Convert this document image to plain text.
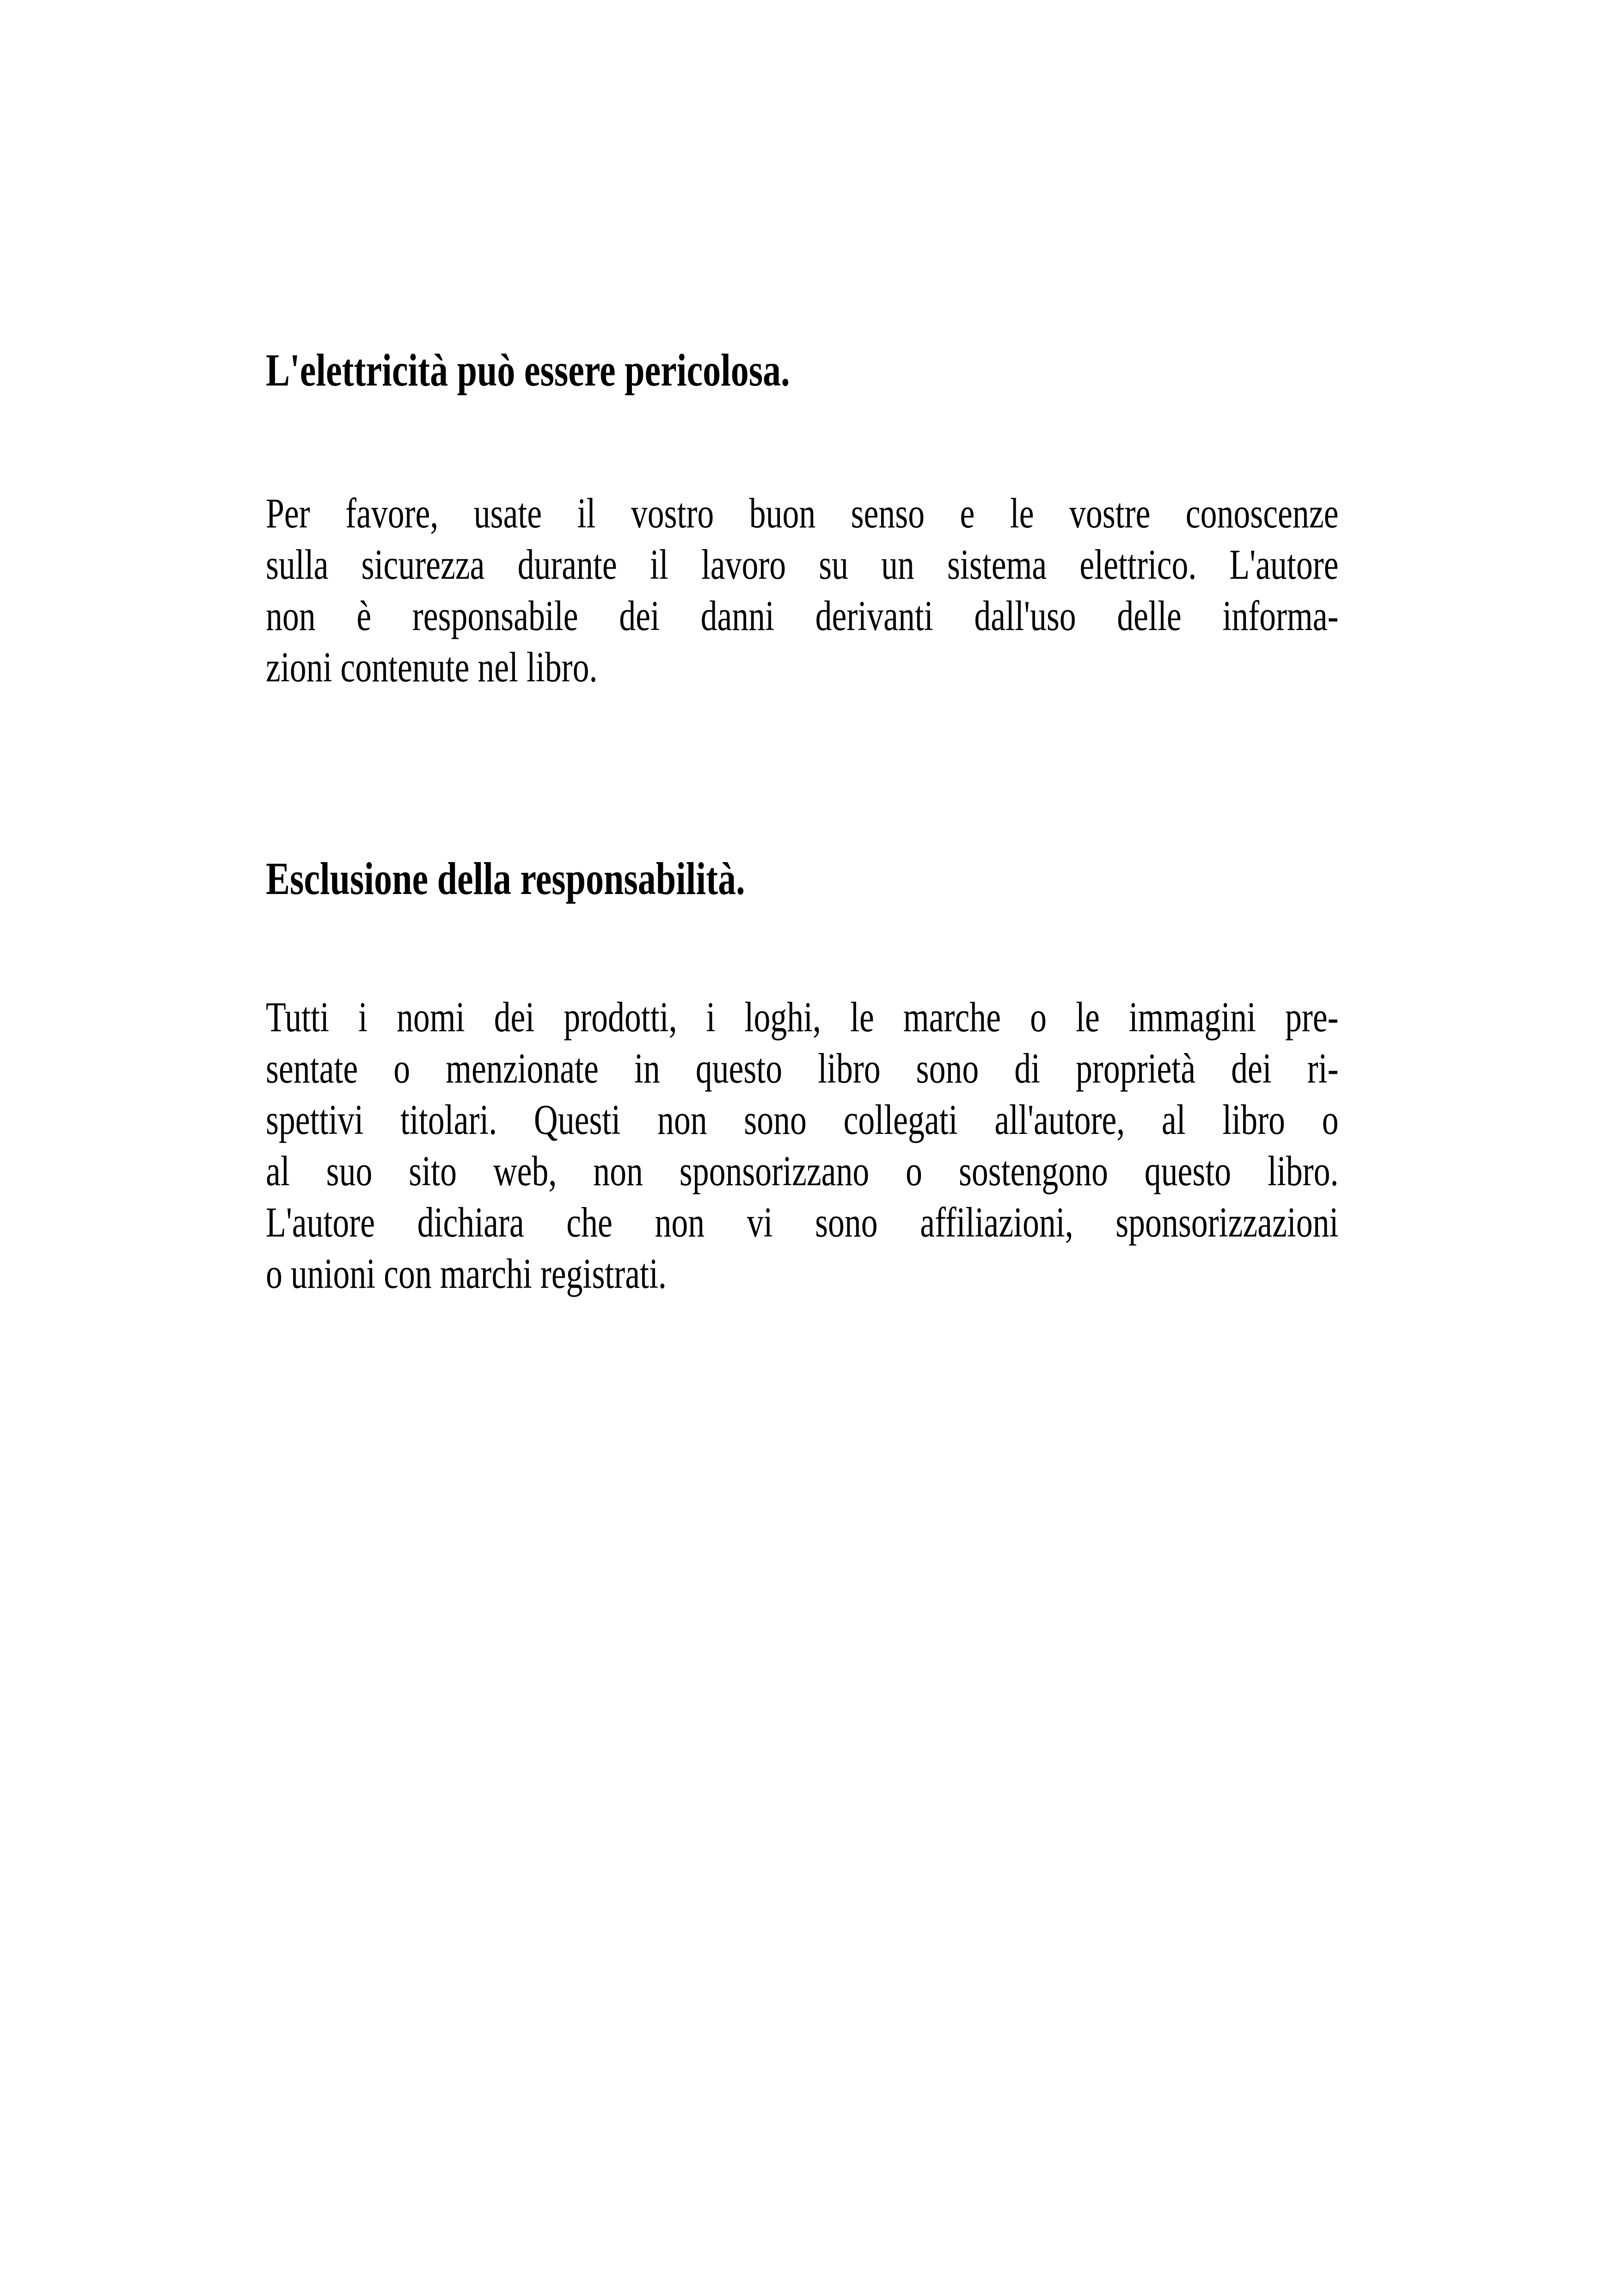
L'elettricità può essere pericolosa.
Per favore, usate il vostro buon senso e le vostre conoscenze
sulla sicurezza durante il lavoro su un sistema elettrico. L'autore
non è responsabile dei danni derivanti dall'uso delle informa-
zioni contenute nel libro.
Esclusione della responsabilità.
Tutti i nomi dei prodotti, i loghi, le marche o le immagini pre-
sentate o menzionate in questo libro sono di proprietà dei ri-
spettivi titolari. Questi non sono collegati all'autore, al libro o
al suo sito web, non sponsorizzano o sostengono questo libro.
L'autore dichiara che non vi sono affiliazioni, sponsorizzazioni
o unioni con marchi registrati.
